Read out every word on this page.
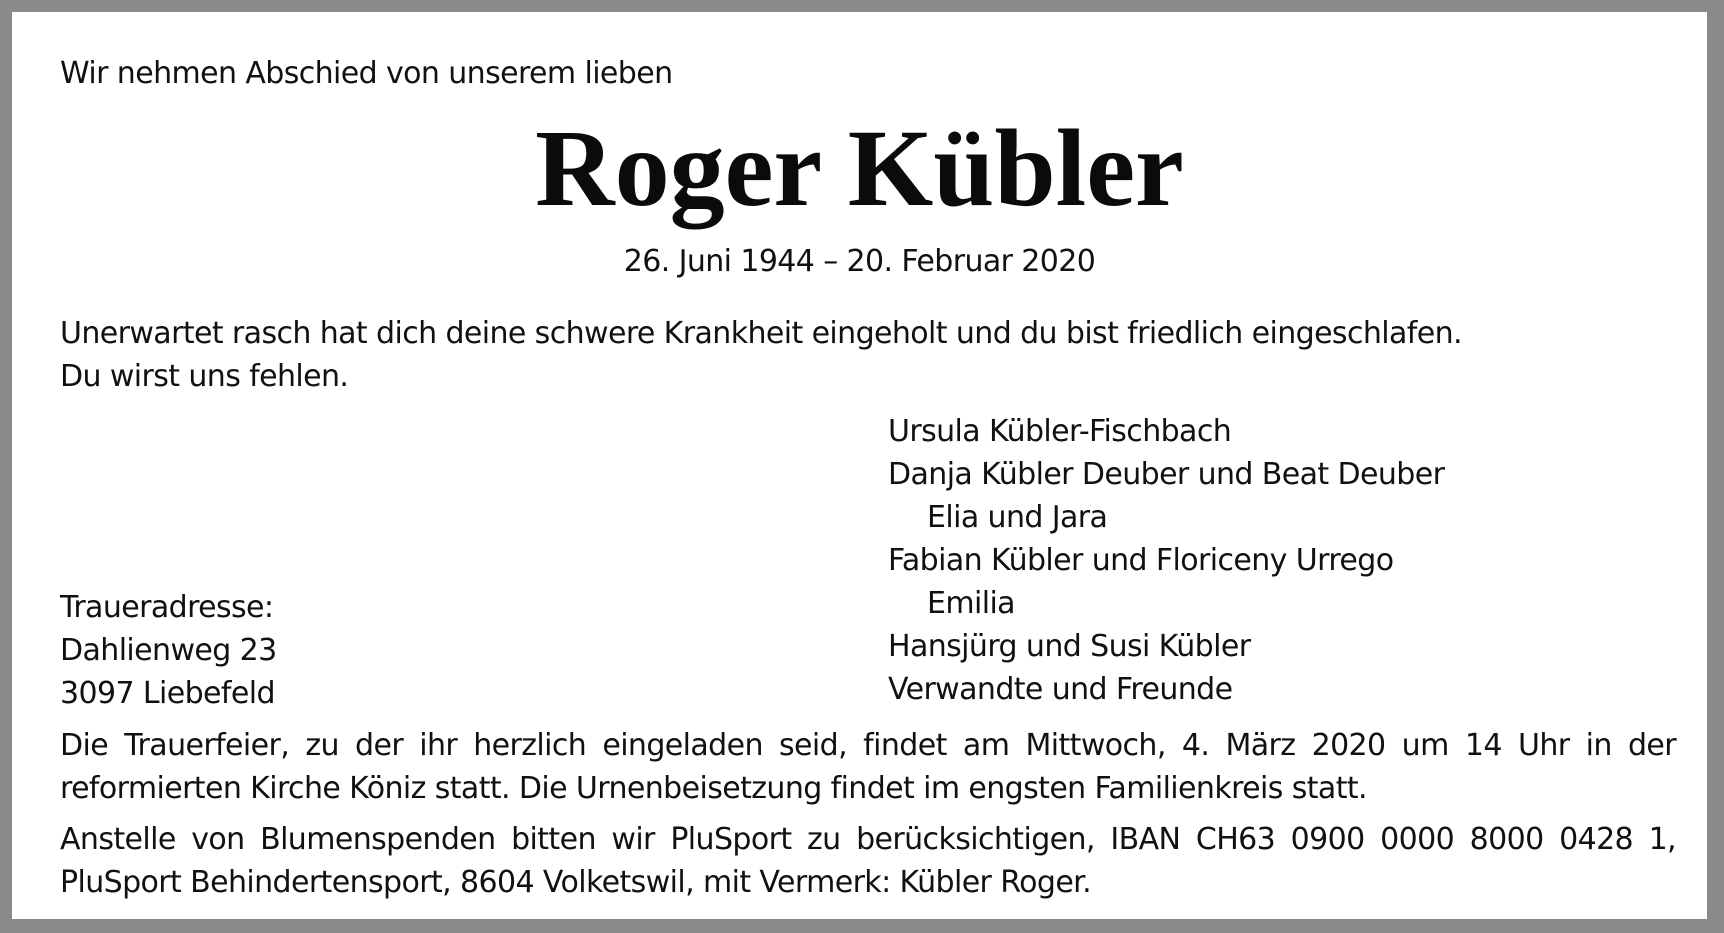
Wir nehmen Abschied von unserem lieben

Roger Kübler

26. Juni 1944 – 20. Februar 2020

Unerwartet rasch hat dich deine schwere Krankheit eingeholt und du bist friedlich eingeschlafen.

Du wirst uns fehlen.

Ursula Kübler-Fischbach
Danja Kübler Deuber und Beat Deuber
Elia und Jara
Fabian Kübler und Floriceny Urrego
Emilia
Hansjürg und Susi Kübler
Verwandte und Freunde
Traueradresse:
Dahlienweg 23
3097 Liebefeld
Die Trauerfeier, zu der ihr herzlich eingeladen seid, findet am Mittwoch, 4. März 2020 um 14 Uhr in der
reformierten Kirche Köniz statt. Die Urnenbeisetzung findet im engsten Familienkreis statt.
Anstelle von Blumenspenden bitten wir PluSport zu berücksichtigen, IBAN CH63 0900 0000 8000 0428 1,
PluSport Behindertensport, 8604 Volketswil, mit Vermerk: Kübler Roger.
